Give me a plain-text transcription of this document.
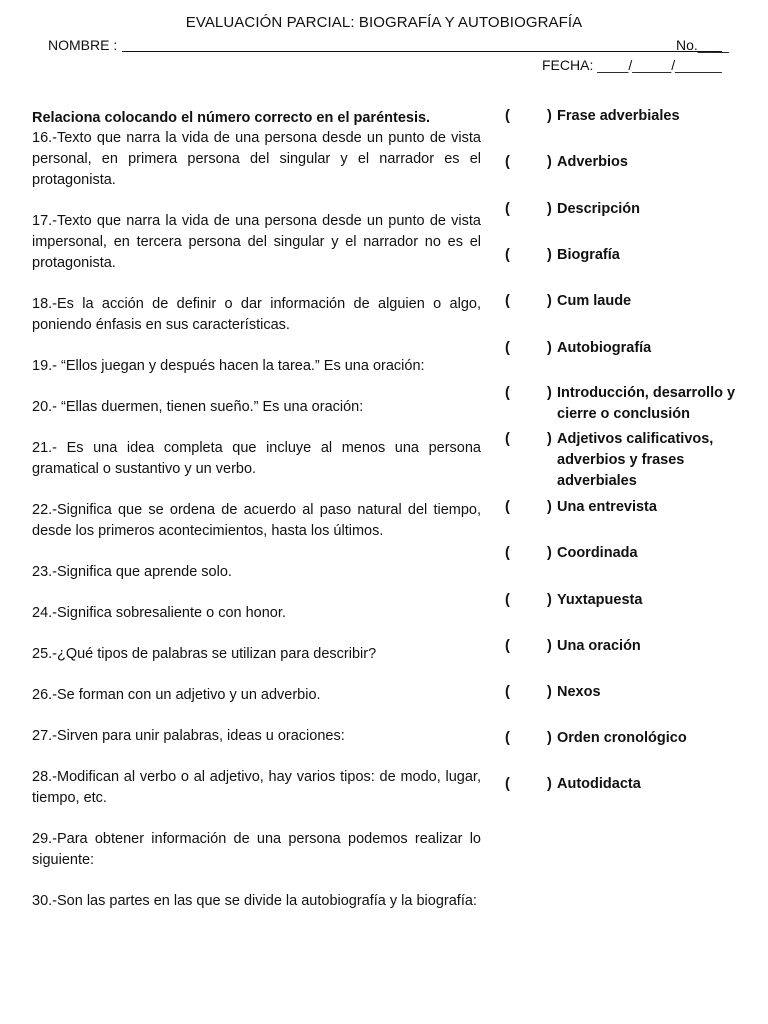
EVALUACIÓN PARCIAL: BIOGRAFÍA Y AUTOBIOGRAFÍA
NOMBRE :	No.____
FECHA: ____/_____/______

Relaciona colocando el número correcto en el paréntesis.

16.-Texto que narra la vida de una persona desde un punto de vista personal, en primera persona del singular y el narrador es el protagonista.

17.-Texto que narra la vida de una persona desde un punto de vista impersonal, en tercera persona del singular y el narrador no es el protagonista.

18.-Es la acción de definir o dar información de alguien o algo, poniendo énfasis en sus características.

19.- “Ellos juegan y después hacen la tarea.” Es una oración:

20.- “Ellas duermen, tienen sueño.” Es una oración:

21.- Es una idea completa que incluye al menos una persona gramatical o sustantivo y un verbo.

22.-Significa que se ordena de acuerdo al paso natural del tiempo, desde los primeros acontecimientos, hasta los últimos.

23.-Significa que aprende solo.

24.-Significa sobresaliente o con honor.

25.-¿Qué tipos de palabras se utilizan para describir?

26.-Se forman con un adjetivo y un adverbio.

27.-Sirven para unir palabras, ideas u oraciones:

28.-Modifican al verbo o al adjetivo, hay varios tipos: de modo, lugar, tiempo, etc.

29.-Para obtener información de una persona podemos realizar lo siguiente:

30.-Son las partes en las que se divide la autobiografía y la biografía:

(	) Frase adverbiales
(	) Adverbios
(	) Descripción
(	) Biografía
(	) Cum laude
(	) Autobiografía
(	) Introducción, desarrollo y cierre o conclusión
(	) Adjetivos calificativos, adverbios y frases adverbiales
(	) Una entrevista
(	) Coordinada
(	) Yuxtapuesta
(	) Una oración
(	) Nexos
(	) Orden cronológico
(	) Autodidacta
